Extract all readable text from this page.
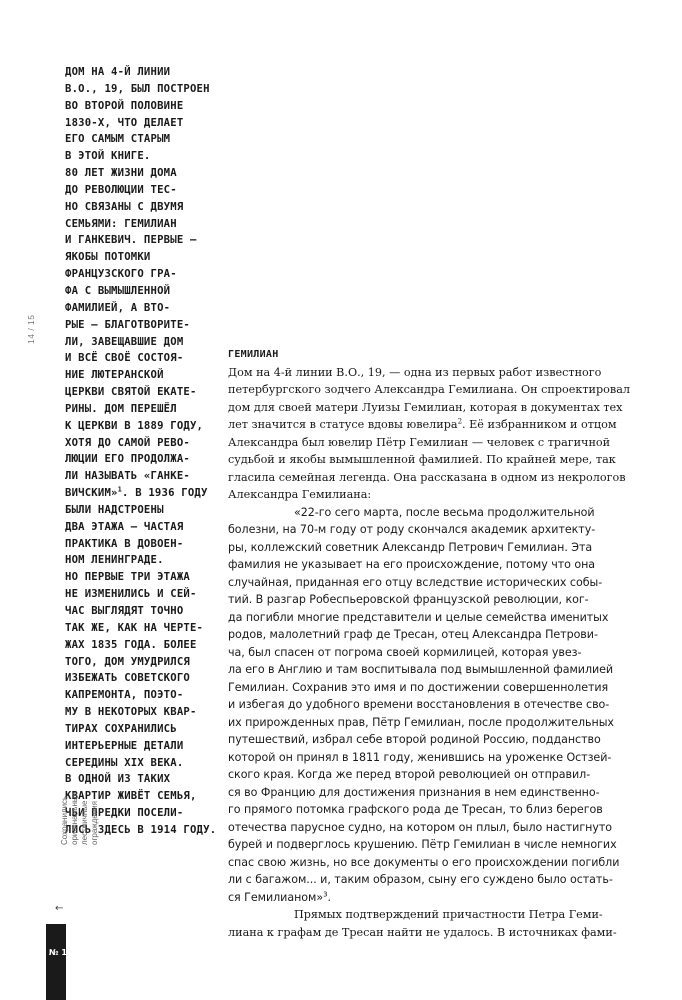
ДОМ НА 4-Й ЛИНИИ
В.О., 19, БЫЛ ПОСТРОЕН
ВО ВТОРОЙ ПОЛОВИНЕ
1830-Х, ЧТО ДЕЛАЕТ
ЕГО САМЫМ СТАРЫМ
В ЭТОЙ КНИГЕ.
80 ЛЕТ ЖИЗНИ ДОМА
ДО РЕВОЛЮЦИИ ТЕС-
НО СВЯЗАНЫ С ДВУМЯ
СЕМЬЯМИ: ГЕМИЛИАН
И ГАНКЕВИЧ. ПЕРВЫЕ —
ЯКОБЫ ПОТОМКИ
ФРАНЦУЗСКОГО ГРА-
ФА С ВЫМЫШЛЕННОЙ
ФАМИЛИЕЙ, А ВТО-
РЫЕ — БЛАГОТВОРИТЕ-
ЛИ, ЗАВЕЩАВШИЕ ДОМ
И ВСЁ СВОЁ СОСТОЯ-
НИЕ ЛЮТЕРАНСКОЙ
ЦЕРКВИ СВЯТОЙ ЕКАТЕ-
РИНЫ. ДОМ ПЕРЕШЁЛ
К ЦЕРКВИ В 1889 ГОДУ,
ХОТЯ ДО САМОЙ РЕВО-
ЛЮЦИИ ЕГО ПРОДОЛЖА-
ЛИ НАЗЫВАТЬ «ГАНКЕ-
ВИЧСКИМ»$^1$. В 1936 ГОДУ
БЫЛИ НАДСТРОЕНЫ
ДВА ЭТАЖА — ЧАСТАЯ
ПРАКТИКА В ДОВОЕН-
НОМ ЛЕНИНГРАДЕ.
НО ПЕРВЫЕ ТРИ ЭТАЖА
НЕ ИЗМЕНИЛИСЬ И СЕЙ-
ЧАС ВЫГЛЯДЯТ ТОЧНО
ТАК ЖЕ, КАК НА ЧЕРТЕ-
ЖАХ 1835 ГОДА. БОЛЕЕ
ТОГО, ДОМ УМУДРИЛСЯ
ИЗБЕЖАТЬ СОВЕТСКОГО
КАПРЕМОНТА, ПОЭТО-
МУ В НЕКОТОРЫХ КВАР-
ТИРАХ СОХРАНИЛИСЬ
ИНТЕРЬЕРНЫЕ ДЕТАЛИ
СЕРЕДИНЫ XIX ВЕКА.
В ОДНОЙ ИЗ ТАКИХ
КВАРТИР ЖИВЁТ СЕМЬЯ,
ЧЬИ ПРЕДКИ ПОСЕЛИ-
ЛИСЬ ЗДЕСЬ В 1914 ГОДУ.
14 / 15
Сохранились оригинальные лестничные ограждения
←
№ 1
ГЕМИЛИАН
Дом на 4-й линии В.О., 19, — одна из первых работ известного
петербургского зодчего Александра Гемилиана. Он спроектировал
дом для своей матери Луизы Гемилиан, которая в документах тех
лет значится в статусе вдовы ювелира$^2$. Её избранником и отцом
Александра был ювелир Пётр Гемилиан — человек с трагичной
судьбой и якобы вымышленной фамилией. По крайней мере, так
гласила семейная легенда. Она рассказана в одном из некрологов
Александра Гемилиана:
«22-го сего марта, после весьма продолжительной
болезни, на 70-м году от роду скончался академик архитекту-
ры, коллежский советник Александр Петрович Гемилиан. Эта
фамилия не указывает на его происхождение, потому что она
случайная, приданная его отцу вследствие исторических собы-
тий. В разгар Робеспьеровской французской революции, ког-
да погибли многие представители и целые семейства именитых
родов, малолетний граф де Тресан, отец Александра Петрови-
ча, был спасен от погрома своей кормилицей, которая увез-
ла его в Англию и там воспитывала под вымышленной фамилией
Гемилиан. Сохранив это имя и по достижении совершеннолетия
и избегая до удобного времени восстановления в отечестве сво-
их прирожденных прав, Пётр Гемилиан, после продолжительных
путешествий, избрал себе второй родиной Россию, подданство
которой он принял в 1811 году, женившись на уроженке Остзей-
ского края. Когда же перед второй революцией он отправил-
ся во Францию для достижения признания в нем единственно-
го прямого потомка графского рода де Тресан, то близ берегов
отечества парусное судно, на котором он плыл, было настигнуто
бурей и подверглось крушению. Пётр Гемилиан в числе немногих
спас свою жизнь, но все документы о его происхождении погибли
ли с багажом... и, таким образом, сыну его суждено было остать-
ся Гемилианом»$^3$.
Прямых подтверждений причастности Петра Геми-
лиана к графам де Тресан найти не удалось. В источниках фами-
